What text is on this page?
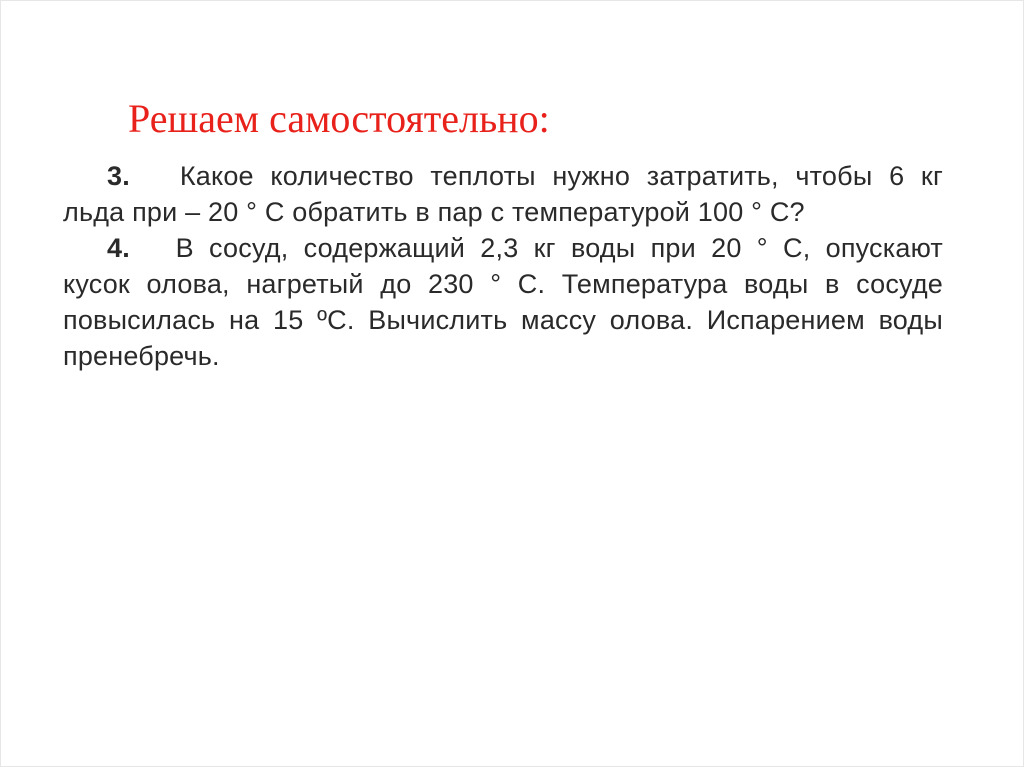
Решаем самостоятельно:
3. Какое количество теплоты нужно затратить, чтобы 6 кг
льда при – 20 ° С обратить в пар с температурой 100 ° С?
4. В сосуд, содержащий 2,3 кг воды при 20 ° С, опускают
кусок олова, нагретый до 230 ° С. Температура воды в сосуде
повысилась на 15 ºС. Вычислить массу олова. Испарением воды
пренебречь.
